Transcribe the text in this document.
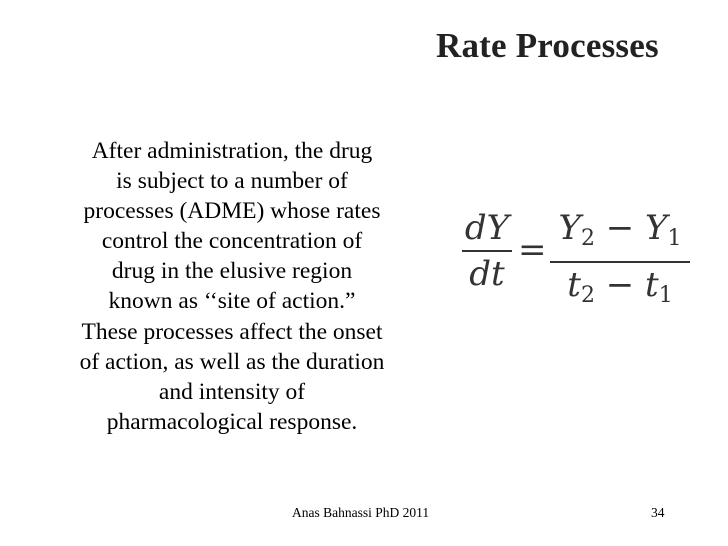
Rate Processes
After administration, the drug
is subject to a number of
processes (ADME) whose rates
control the concentration of
drug in the elusive region
known as ‘‘site of action.”
These processes affect the onset
of action, as well as the duration
and intensity of
pharmacological response.
dY
dt
=
$Y_2 - Y_1$
$t_2 - t_1$
Anas Bahnassi PhD 2011	34
